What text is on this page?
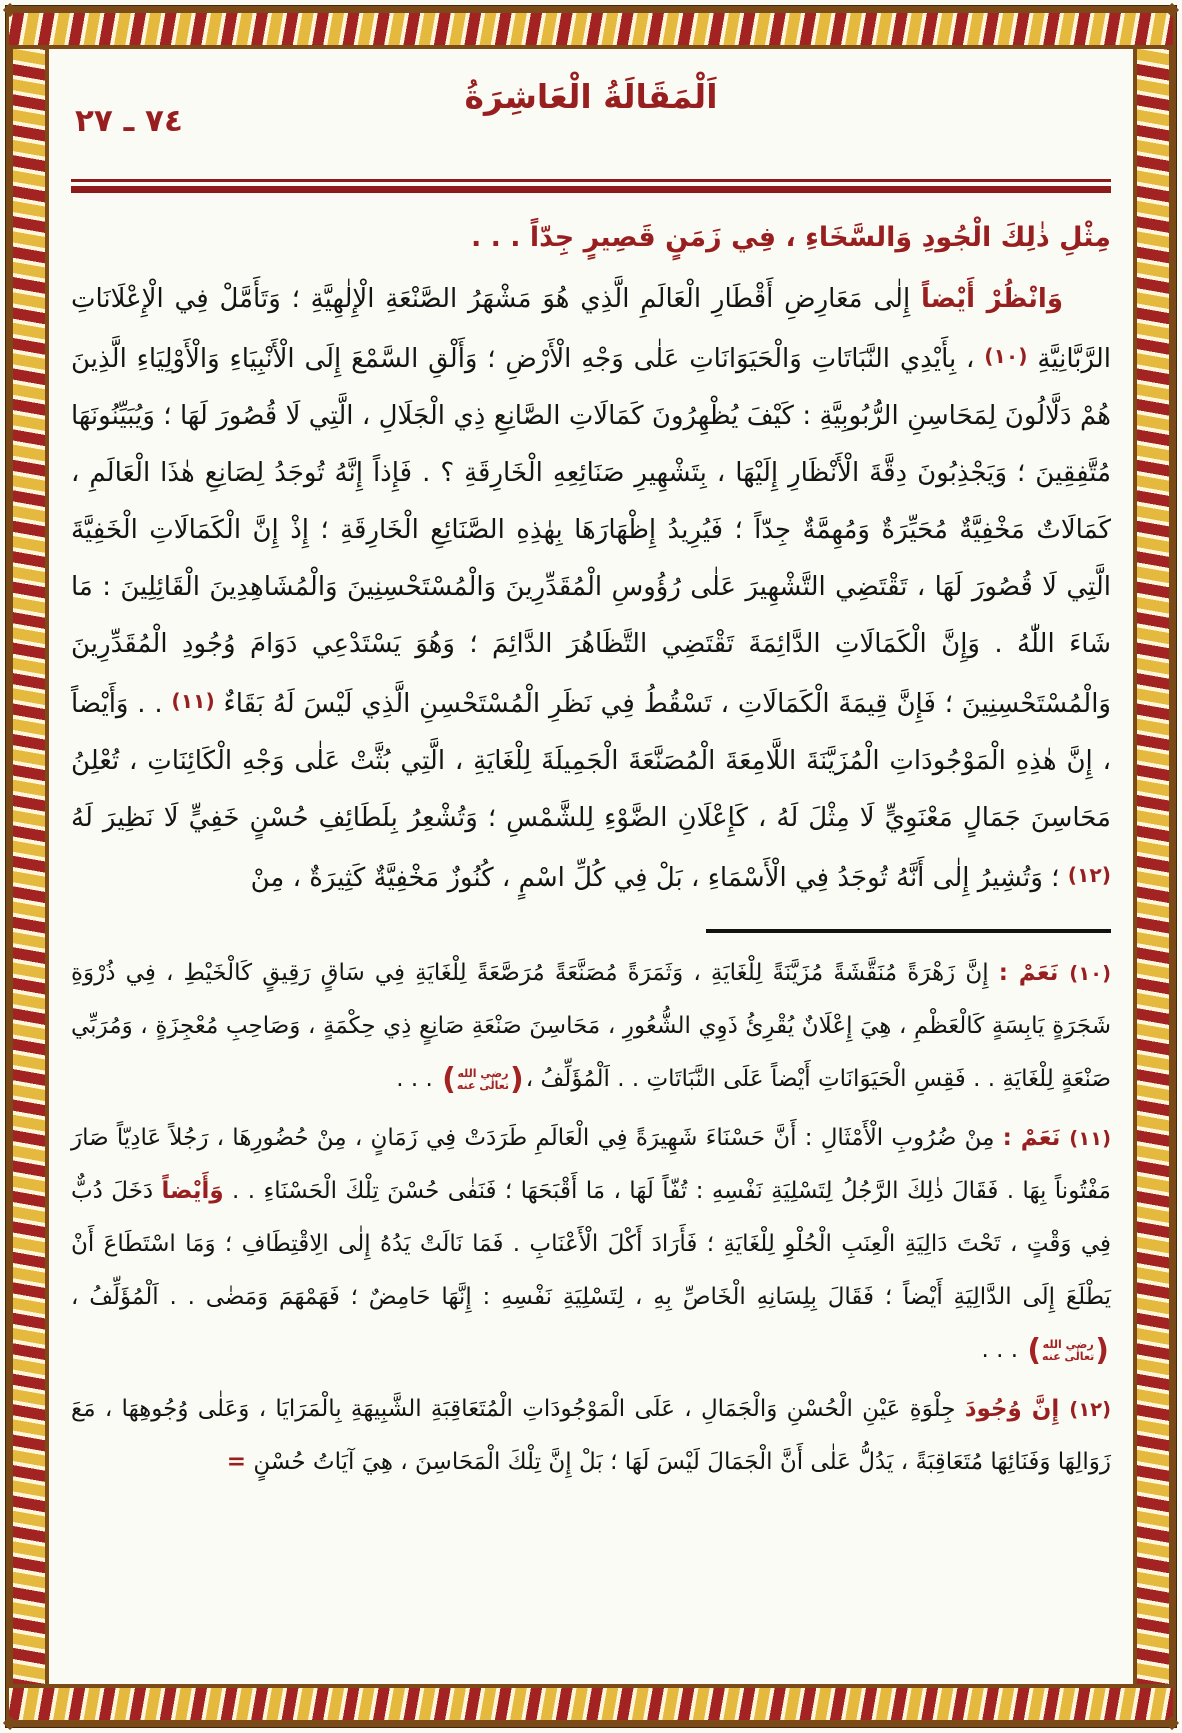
اَلْمَقَالَةُ الْعَاشِرَةُ
٧٤ ـ ٢٧

مِثْلِ ذٰلِكَ الْجُودِ وَالسَّخَاءِ ، فِي زَمَنٍ قَصِيرٍ جِدّاً . . .

وَانْظُرْ أَيْضاً إِلٰى مَعَارِضِ أَقْطَارِ الْعَالَمِ الَّذِي هُوَ مَشْهَرُ الصَّنْعَةِ الْإِلٰهِيَّةِ ؛ وَتَأَمَّلْ فِي الْإِعْلَانَاتِ الرَّبَّانِيَّةِ (١٠) ، بِأَيْدِي النَّبَاتَاتِ وَالْحَيَوَانَاتِ عَلٰى وَجْهِ الْأَرْضِ ؛ وَأَلْقِ السَّمْعَ إِلَى الْأَنْبِيَاءِ وَالْأَوْلِيَاءِ الَّذِينَ هُمْ دَلَّالُونَ لِمَحَاسِنِ الرُّبُوبِيَّةِ : كَيْفَ يُظْهِرُونَ كَمَالَاتِ الصَّانِعِ ذِي الْجَلَالِ ، الَّتِي لَا قُصُورَ لَهَا ؛ وَيُبَيِّنُونَهَا مُتَّفِقِينَ ؛ وَيَجْذِبُونَ دِقَّةَ الْأَنْظَارِ إِلَيْهَا ، بِتَشْهِيرِ صَنَائِعِهِ الْخَارِقَةِ ؟ . فَإِذاً إِنَّهُ تُوجَدُ لِصَانِعِ هٰذَا الْعَالَمِ ، كَمَالَاتٌ مَخْفِيَّةٌ مُحَيِّرَةٌ وَمُهِمَّةٌ جِدّاً ؛ فَيُرِيدُ إِظْهَارَهَا بِهٰذِهِ الصَّنَائِعِ الْخَارِقَةِ ؛ إِذْ إِنَّ الْكَمَالَاتِ الْخَفِيَّةَ الَّتِي لَا قُصُورَ لَهَا ، تَقْتَضِي التَّشْهِيرَ عَلٰى رُؤُوسِ الْمُقَدِّرِينَ وَالْمُسْتَحْسِنِينَ وَالْمُشَاهِدِينَ الْقَائِلِينَ : مَا شَاءَ اللّٰهُ . وَإِنَّ الْكَمَالَاتِ الدَّائِمَةَ تَقْتَضِي التَّظَاهُرَ الدَّائِمَ ؛ وَهُوَ يَسْتَدْعِي دَوَامَ وُجُودِ الْمُقَدِّرِينَ وَالْمُسْتَحْسِنِينَ ؛ فَإِنَّ قِيمَةَ الْكَمَالَاتِ ، تَسْقُطُ فِي نَظَرِ الْمُسْتَحْسِنِ الَّذِي لَيْسَ لَهُ بَقَاءٌ (١١) . . وَأَيْضاً ، إِنَّ هٰذِهِ الْمَوْجُودَاتِ الْمُزَيَّنَةَ اللَّامِعَةَ الْمُصَنَّعَةَ الْجَمِيلَةَ لِلْغَايَةِ ، الَّتِي بُثَّتْ عَلٰى وَجْهِ الْكَائِنَاتِ ، تُعْلِنُ مَحَاسِنَ جَمَالٍ مَعْنَوِيٍّ لَا مِثْلَ لَهُ ، كَإِعْلَانِ الضَّوْءِ لِلشَّمْسِ ؛ وَتُشْعِرُ بِلَطَائِفِ حُسْنٍ خَفِيٍّ لَا نَظِيرَ لَهُ (١٢) ؛ وَتُشِيرُ إِلٰى أَنَّهُ تُوجَدُ فِي الْأَسْمَاءِ ، بَلْ فِي كُلِّ اسْمٍ ، كُنُوزٌ مَخْفِيَّةٌ كَثِيرَةٌ ، مِنْ

(١٠) نَعَمْ : إِنَّ زَهْرَةً مُنَقَّشَةً مُزَيَّنَةً لِلْغَايَةِ ، وَثَمَرَةً مُصَنَّعَةً مُرَصَّعَةً لِلْغَايَةِ فِي سَاقٍ رَقِيقٍ كَالْخَيْطِ ، فِي ذُرْوَةِ شَجَرَةٍ يَابِسَةٍ كَالْعَظْمِ ، هِيَ إِعْلَانٌ يُقْرِئُ ذَوِي الشُّعُورِ ، مَحَاسِنَ صَنْعَةِ صَانِعٍ ذِي حِكْمَةٍ ، وَصَاحِبِ مُعْجِزَةٍ ، وَمُرَبِّي صَنْعَةٍ لِلْغَايَةِ . . فَقِسِ الْحَيَوَانَاتِ أَيْضاً عَلَى النَّبَاتَاتِ . . اَلْمُؤَلِّفُ ،
(
رضي الله
تعالٰى عنه
)
. . .

(١١) نَعَمْ : مِنْ ضُرُوبِ الْأَمْثَالِ : أَنَّ حَسْنَاءَ شَهِيرَةً فِي الْعَالَمِ طَرَدَتْ فِي زَمَانٍ ، مِنْ حُضُورِهَا ، رَجُلاً عَادِيّاً صَارَ مَفْتُوناً بِهَا . فَقَالَ ذٰلِكَ الرَّجُلُ لِتَسْلِيَةِ نَفْسِهِ : تُفّاً لَهَا ، مَا أَقْبَحَهَا ؛ فَنَفٰى حُسْنَ تِلْكَ الْحَسْنَاءِ . . وَأَيْضاً دَخَلَ دُبٌّ فِي وَقْتٍ ، تَحْتَ دَالِيَةِ الْعِنَبِ الْحُلْوِ لِلْغَايَةِ ؛ فَأَرَادَ أَكْلَ الْأَعْنَابِ . فَمَا نَالَتْ يَدُهُ إِلٰى الِاقْتِطَافِ ؛ وَمَا اسْتَطَاعَ أَنْ يَطْلَعَ إِلَى الدَّالِيَةِ أَيْضاً ؛ فَقَالَ بِلِسَانِهِ الْخَاصِّ بِهِ ، لِتَسْلِيَةِ نَفْسِهِ : إِنَّهَا حَامِضٌ ؛ فَهَمْهَمَ وَمَضٰى . . اَلْمُؤَلِّفُ ،
(
رضي الله
تعالٰى عنه
)
. . .

(١٢) إِنَّ وُجُودَ جِلْوَةِ عَيْنِ الْحُسْنِ وَالْجَمَالِ ، عَلَى الْمَوْجُودَاتِ الْمُتَعَاقِبَةِ الشَّبِيهَةِ بِالْمَرَايَا ، وَعَلٰى وُجُوهِهَا ، مَعَ زَوَالِهَا وَفَنَائِهَا مُتَعَاقِبَةً ، يَدُلُّ عَلٰى أَنَّ الْجَمَالَ لَيْسَ لَهَا ؛ بَلْ إِنَّ تِلْكَ الْمَحَاسِنَ ، هِيَ آيَاتُ حُسْنٍ =
